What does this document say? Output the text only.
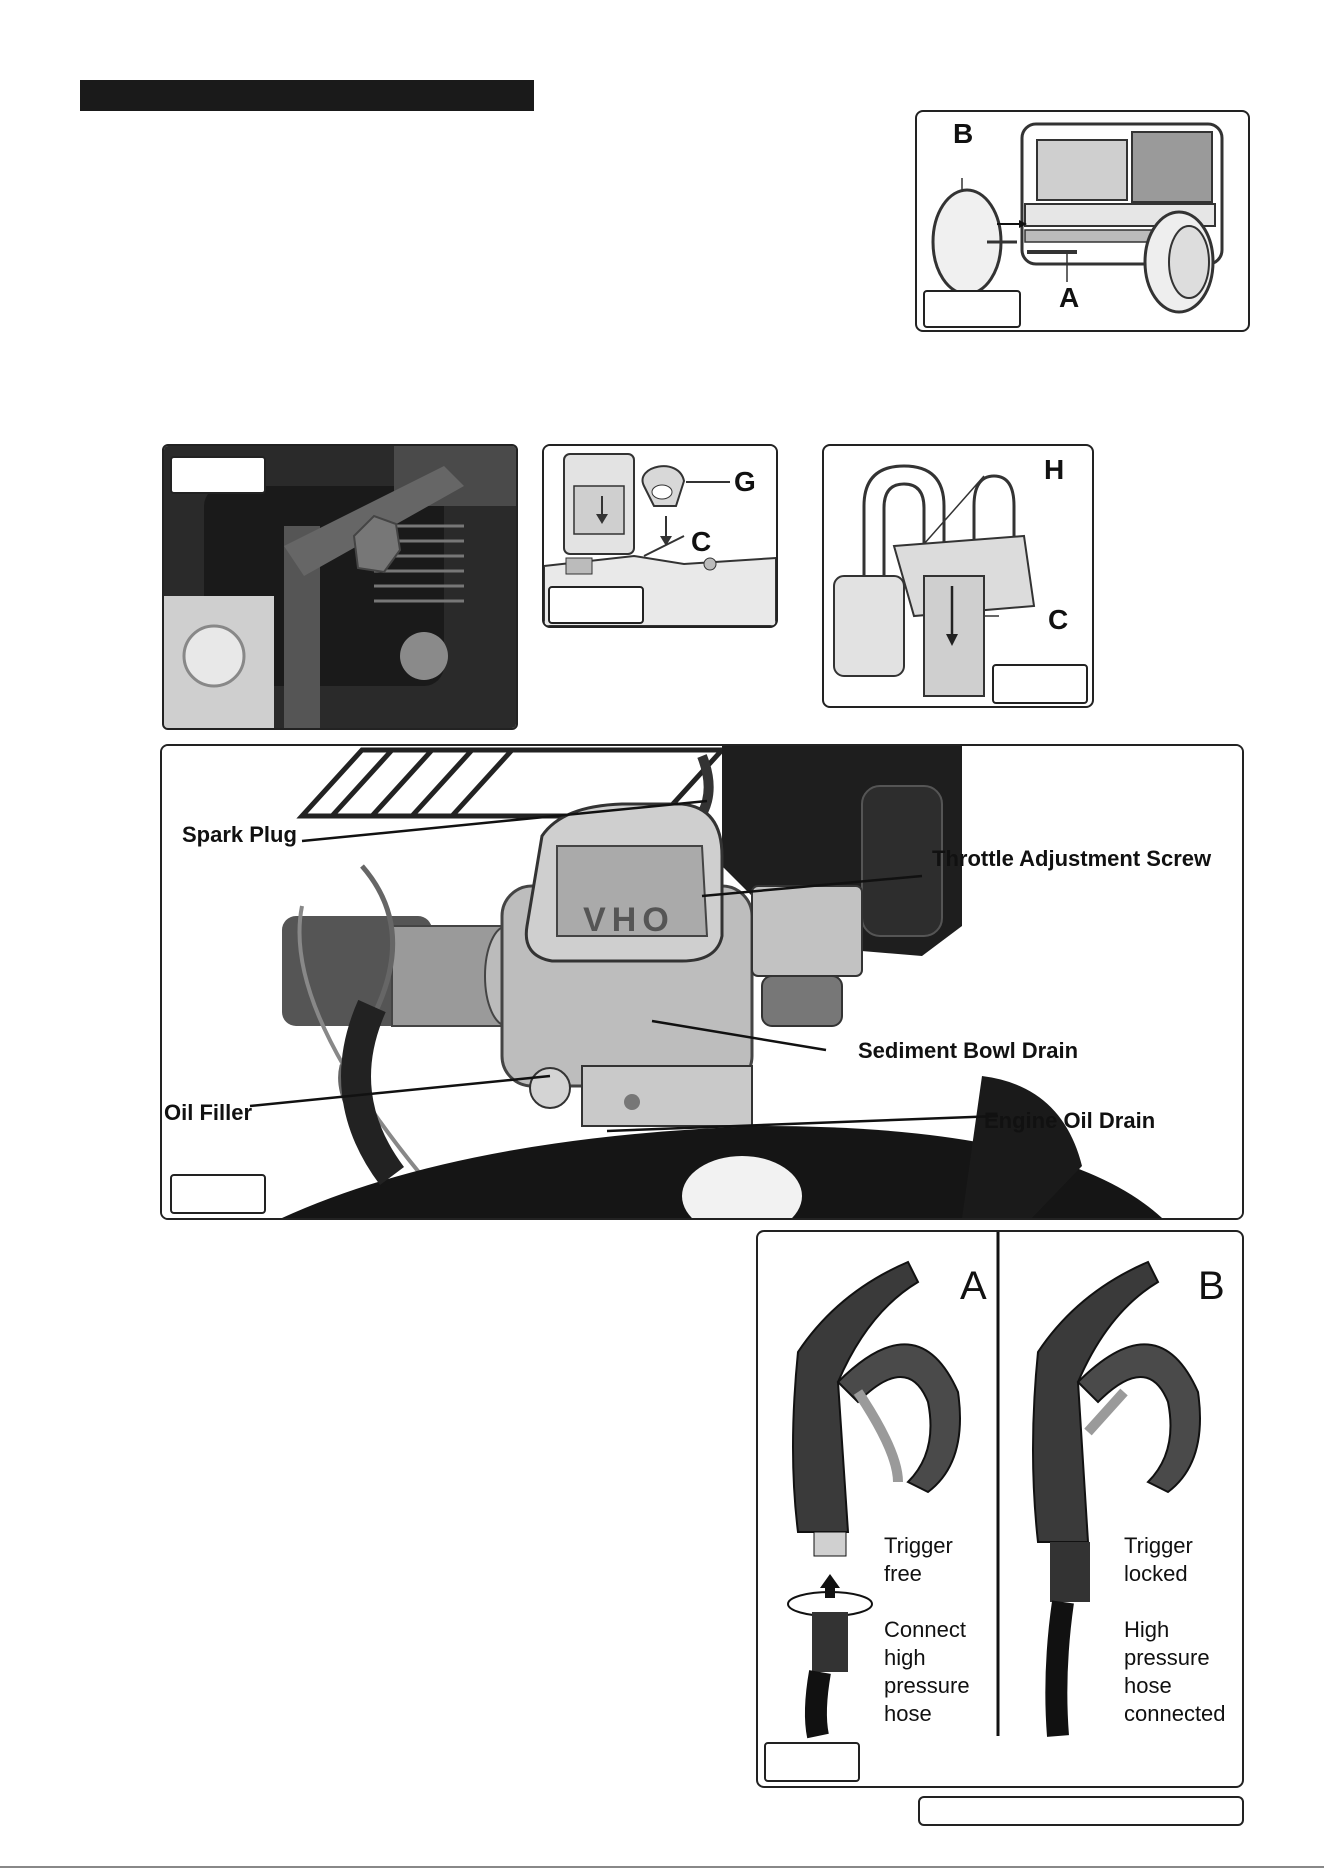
B
A
G
C
H
C
Spark Plug
Throttle Adjustment Screw
Sediment Bowl Drain
Oil Filler	Engine Oil Drain
OHV
A	B
Trigger
free
Connect
high
pressure
hose
Trigger
locked
High
pressure
hose
connected
